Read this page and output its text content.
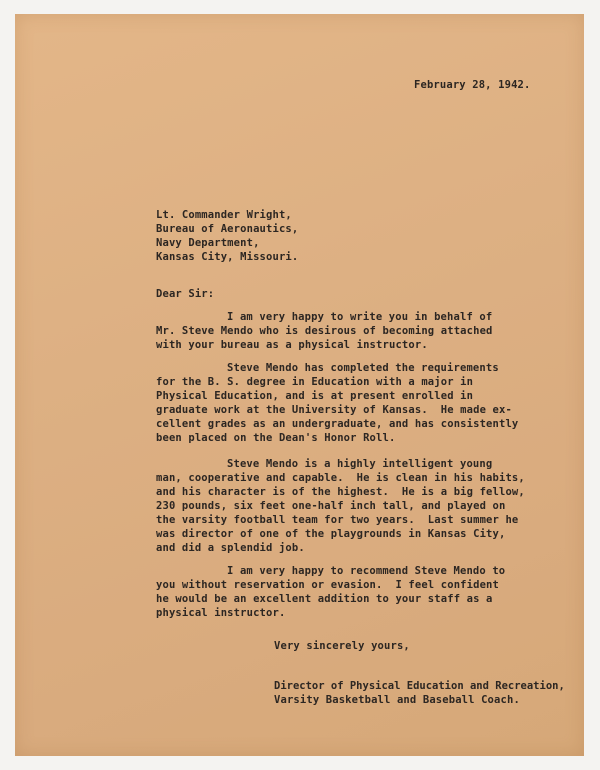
February 28, 1942.
Lt. Commander Wright,
Bureau of Aeronautics,
Navy Department,
Kansas City, Missouri.
Dear Sir:
I am very happy to write you in behalf of
Mr. Steve Mendo who is desirous of becoming attached
with your bureau as a physical instructor.
Steve Mendo has completed the requirements
for the B. S. degree in Education with a major in
Physical Education, and is at present enrolled in
graduate work at the University of Kansas.  He made ex-
cellent grades as an undergraduate, and has consistently
been placed on the Dean's Honor Roll.
Steve Mendo is a highly intelligent young
man, cooperative and capable.  He is clean in his habits,
and his character is of the highest.  He is a big fellow,
230 pounds, six feet one-half inch tall, and played on
the varsity football team for two years.  Last summer he
was director of one of the playgrounds in Kansas City,
and did a splendid job.
I am very happy to recommend Steve Mendo to
you without reservation or evasion.  I feel confident
he would be an excellent addition to your staff as a
physical instructor.
Very sincerely yours,
Director of Physical Education and Recreation,
Varsity Basketball and Baseball Coach.
